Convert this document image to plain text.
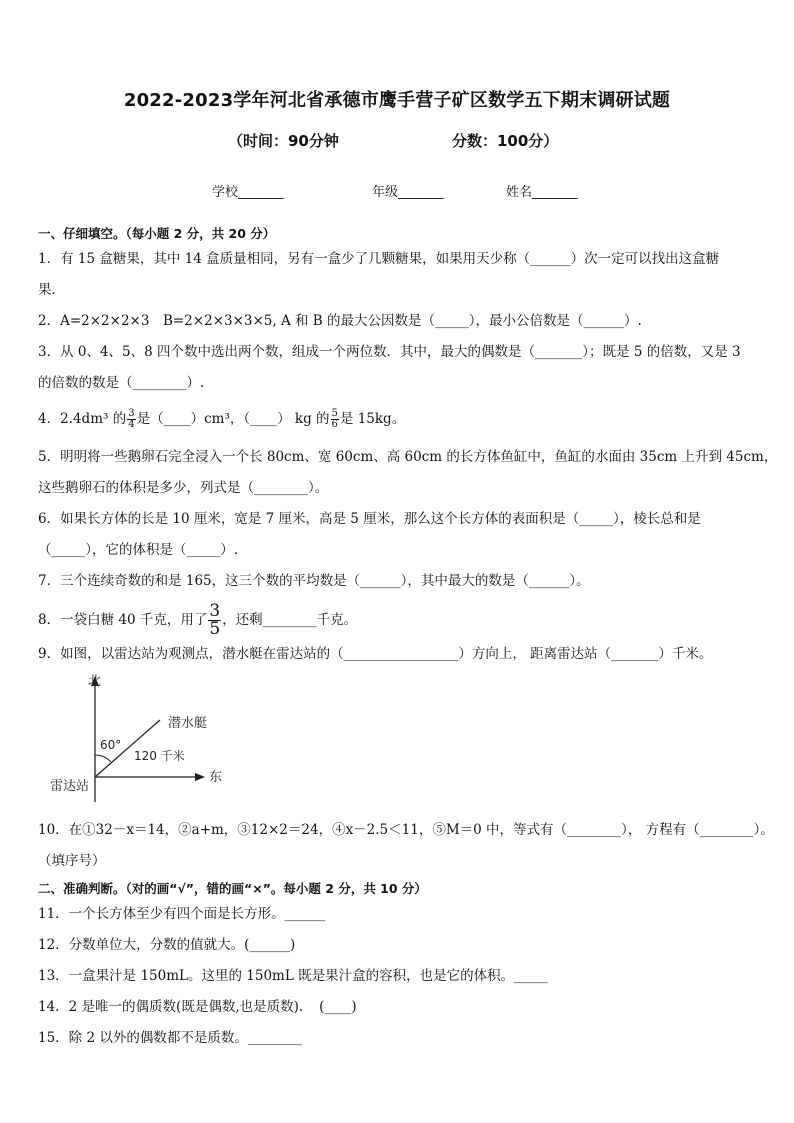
2022-2023学年河北省承德市鹰手营子矿区数学五下期末调研试题
（时间：90分钟	分数：100分）
学校_______	年级_______	姓名_______
一、仔细填空。（每小题 2 分，共 20 分）
1．有 15 盒糖果，其中 14 盒质量相同，另有一盒少了几颗糖果，如果用天少称（______）次一定可以找出这盒糖
果．
2．A=2×2×2×3　B=2×2×3×3×5, A 和 B 的最大公因数是（_____），最小公倍数是（______）.
3．从 0、4、5、8 四个数中选出两个数，组成一个两位数．其中，最大的偶数是（_______）；既是 5 的倍数，又是 3
的倍数的数是（________）.
4．2.4dm³ 的 $\frac{3}{4}$ 是（____）cm³，（____） kg 的 $\frac{5}{6}$ 是 15kg。
5．明明将一些鹅卵石完全浸入一个长 80cm、宽 60cm、高 60cm 的长方体鱼缸中，鱼缸的水面由 35cm 上升到 45cm，
这些鹅卵石的体积是多少，列式是（________）。
6．如果长方体的长是 10 厘米，宽是 7 厘米，高是 5 厘米，那么这个长方体的表面积是（_____），棱长总和是
（_____），它的体积是（_____）.
7．三个连续奇数的和是 165，这三个数的平均数是（______），其中最大的数是（______）。
8．一袋白糖 40 千克，用了 $\frac{3}{5}$ ，还剩________千克。
9．如图，以雷达站为观测点，潜水艇在雷达站的（_________________）方向上， 距离雷达站（_______）千米。
北
东
潜水艇
60°
120 千米
雷达站
10．在①32－x＝14，②a+m，③12×2＝24，④x－2.5＜11，⑤M＝0 中，等式有（________）， 方程有（________）。
（填序号）
二、准确判断。（对的画“√”，错的画“×”。每小题 2 分，共 10 分）
11．一个长方体至少有四个面是长方形。______
12．分数单位大，分数的值就大。(______)
13．一盒果汁是 150mL。这里的 150mL 既是果汁盒的容积，也是它的体积。_____
14．2 是唯一的偶质数(既是偶数,也是质数)．　(____)
15．除 2 以外的偶数都不是质数。________
